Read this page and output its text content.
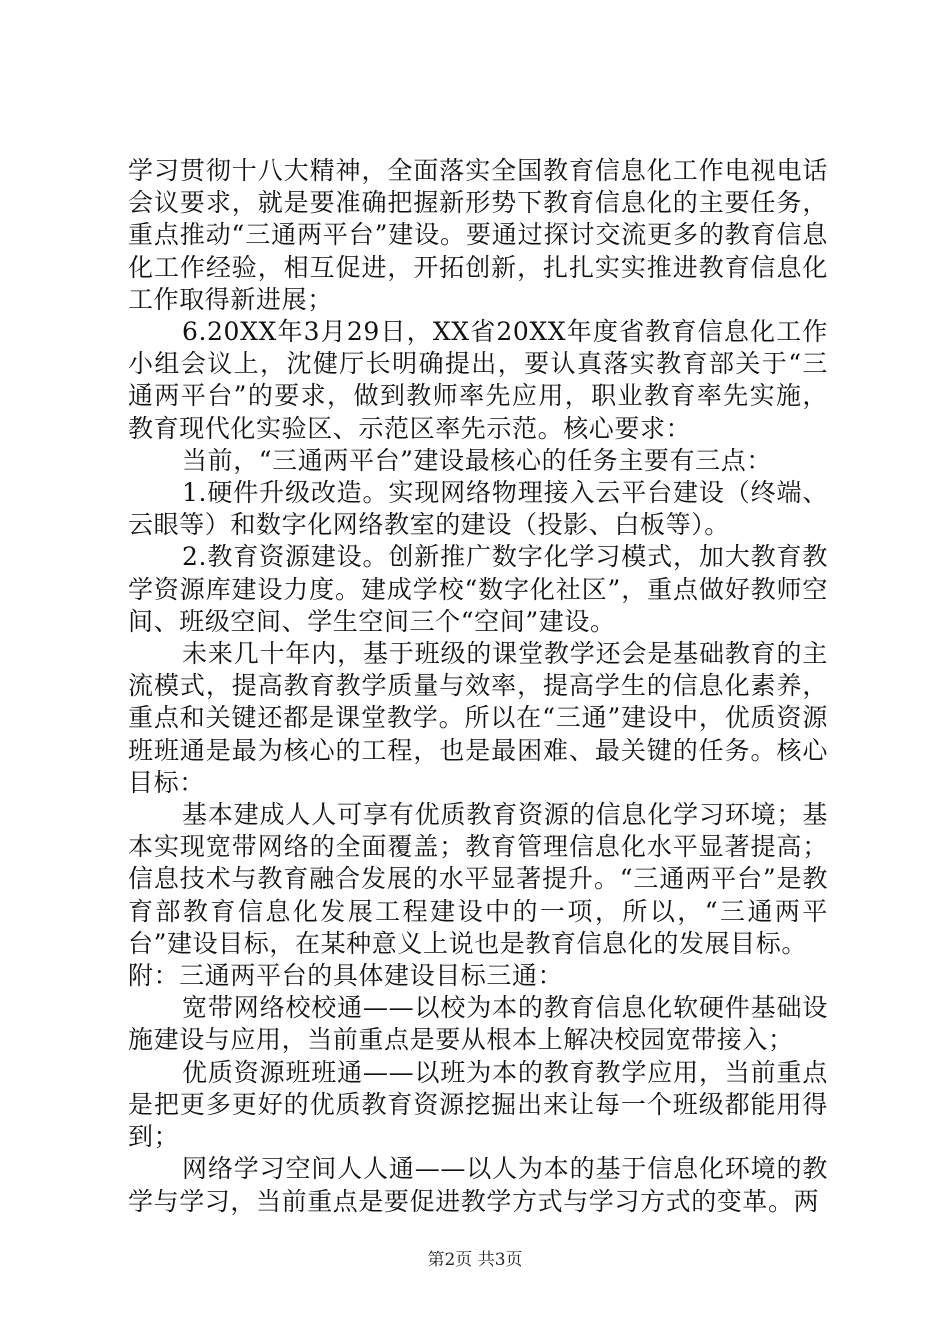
学习贯彻十八大精神，全面落实全国教育信息化工作电视电话会议要求，就是要准确把握新形势下教育信息化的主要任务，重点推动“三通两平台”建设。要通过探讨交流更多的教育信息化工作经验，相互促进，开拓创新，扎扎实实推进教育信息化工作取得新进展；

6.20XX年3月29日，XX省20XX年度省教育信息化工作小组会议上，沈健厅长明确提出，要认真落实教育部关于“三通两平台”的要求，做到教师率先应用，职业教育率先实施，教育现代化实验区、示范区率先示范。核心要求：

当前，“三通两平台”建设最核心的任务主要有三点：

1.硬件升级改造。实现网络物理接入云平台建设（终端、云眼等）和数字化网络教室的建设（投影、白板等）。

2.教育资源建设。创新推广数字化学习模式，加大教育教学资源库建设力度。建成学校“数字化社区”，重点做好教师空间、班级空间、学生空间三个“空间”建设。

未来几十年内，基于班级的课堂教学还会是基础教育的主流模式，提高教育教学质量与效率，提高学生的信息化素养，重点和关键还都是课堂教学。所以在“三通”建设中，优质资源班班通是最为核心的工程，也是最困难、最关键的任务。核心目标：

基本建成人人可享有优质教育资源的信息化学习环境；基本实现宽带网络的全面覆盖；教育管理信息化水平显著提高；信息技术与教育融合发展的水平显著提升。“三通两平台”是教育部教育信息化发展工程建设中的一项，所以，“三通两平台”建设目标，在某种意义上说也是教育信息化的发展目标。

附：三通两平台的具体建设目标三通：

宽带网络校校通——以校为本的教育信息化软硬件基础设施建设与应用，当前重点是要从根本上解决校园宽带接入；

优质资源班班通——以班为本的教育教学应用，当前重点是把更多更好的优质教育资源挖掘出来让每一个班级都能用得到；

网络学习空间人人通——以人为本的基于信息化环境的教学与学习，当前重点是要促进教学方式与学习方式的变革。两

第2页 共3页
